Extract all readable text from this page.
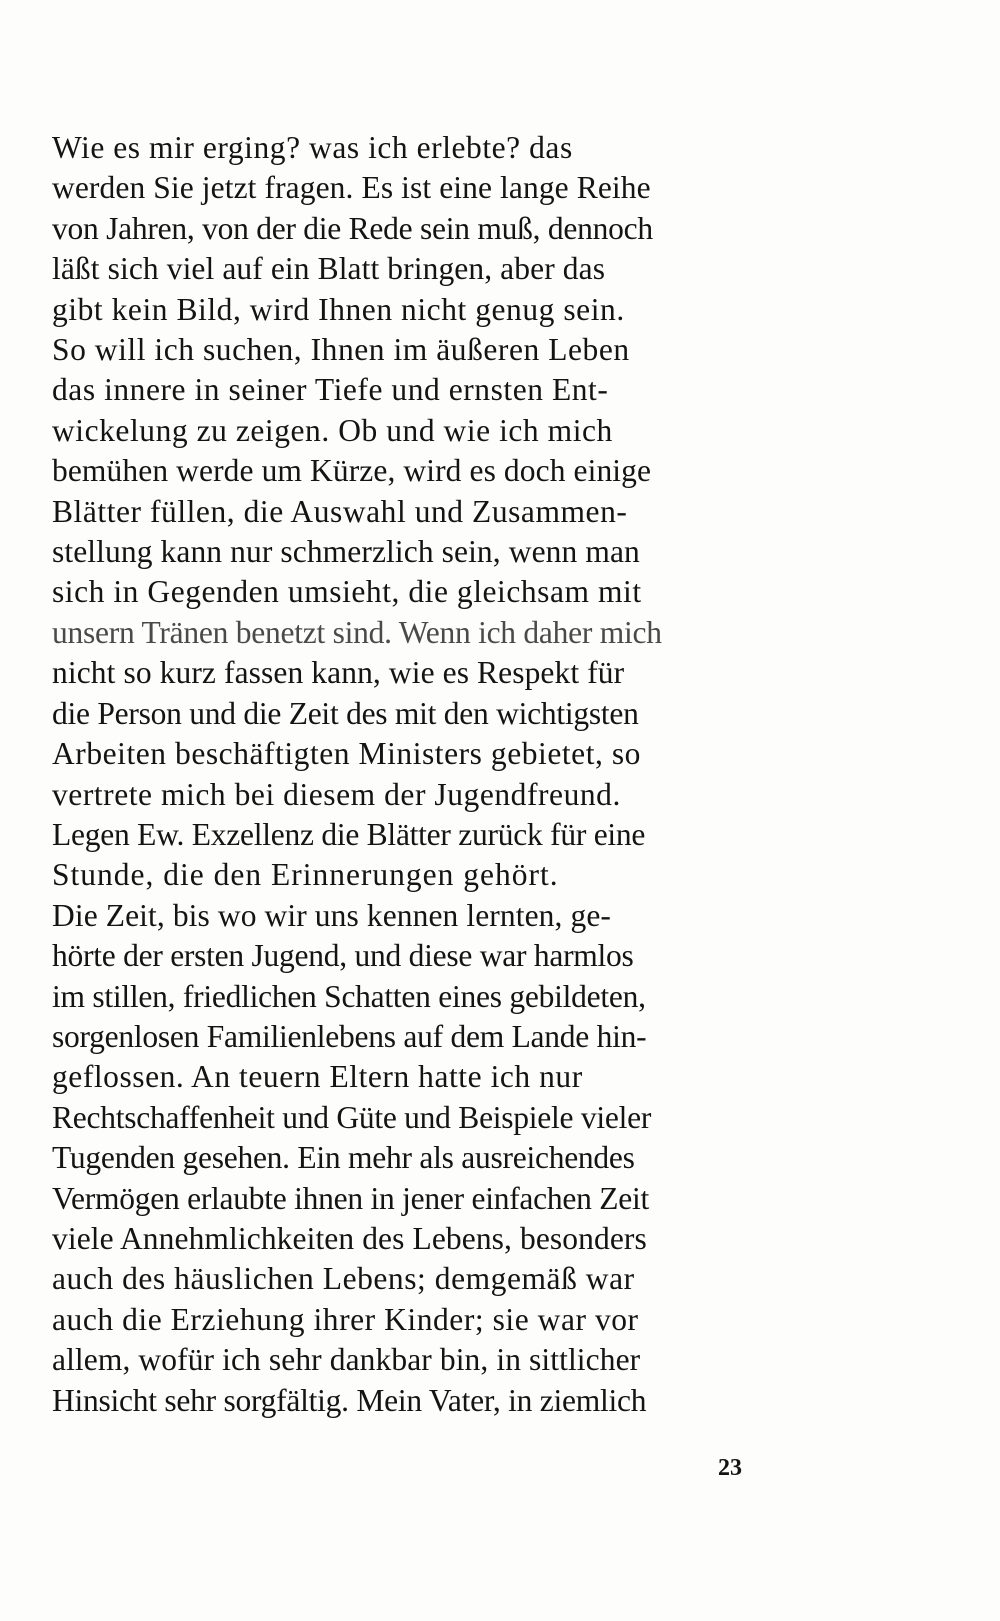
Wie es mir erging? was ich erlebte? das
werden Sie jetzt fragen. Es ist eine lange Reihe
von Jahren, von der die Rede sein muß, dennoch
läßt sich viel auf ein Blatt bringen, aber das
gibt kein Bild, wird Ihnen nicht genug sein.
So will ich suchen, Ihnen im äußeren Leben
das innere in seiner Tiefe und ernsten Ent-
wickelung zu zeigen. Ob und wie ich mich
bemühen werde um Kürze, wird es doch einige
Blätter füllen, die Auswahl und Zusammen-
stellung kann nur schmerzlich sein, wenn man
sich in Gegenden umsieht, die gleichsam mit
unsern Tränen benetzt sind. Wenn ich daher mich
nicht so kurz fassen kann, wie es Respekt für
die Person und die Zeit des mit den wichtigsten
Arbeiten beschäftigten Ministers gebietet, so
vertrete mich bei diesem der Jugendfreund.
Legen Ew. Exzellenz die Blätter zurück für eine
Stunde, die den Erinnerungen gehört.
Die Zeit, bis wo wir uns kennen lernten, ge-
hörte der ersten Jugend, und diese war harmlos
im stillen, friedlichen Schatten eines gebildeten,
sorgenlosen Familienlebens auf dem Lande hin-
geflossen. An teuern Eltern hatte ich nur
Rechtschaffenheit und Güte und Beispiele vieler
Tugenden gesehen. Ein mehr als ausreichendes
Vermögen erlaubte ihnen in jener einfachen Zeit
viele Annehmlichkeiten des Lebens, besonders
auch des häuslichen Lebens; demgemäß war
auch die Erziehung ihrer Kinder; sie war vor
allem, wofür ich sehr dankbar bin, in sittlicher
Hinsicht sehr sorgfältig. Mein Vater, in ziemlich
23
